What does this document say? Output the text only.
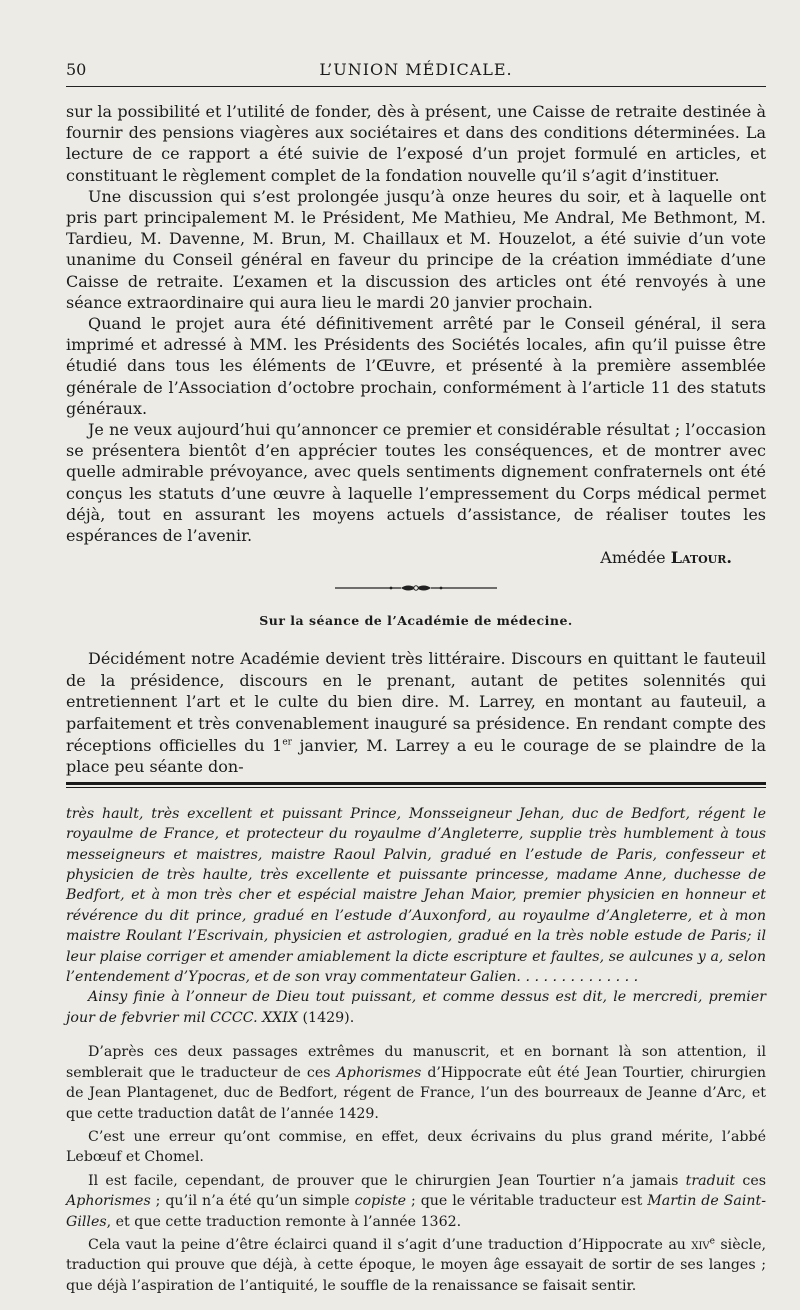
50	L’UNION MÉDICALE.

sur la possibilité et l’utilité de fonder, dès à présent, une Caisse de retraite destinée à fournir des pensions viagères aux sociétaires et dans des conditions déterminées. La lecture de ce rapport a été suivie de l’exposé d’un projet formulé en articles, et constituant le règlement complet de la fondation nouvelle qu’il s’agit d’instituer.

Une discussion qui s’est prolongée jusqu’à onze heures du soir, et à laquelle ont pris part principalement M. le Président, Me Mathieu, Me Andral, Me Bethmont, M. Tardieu, M. Davenne, M. Brun, M. Chaillaux et M. Houzelot, a été suivie d’un vote unanime du Conseil général en faveur du principe de la création immédiate d’une Caisse de retraite. L’examen et la discussion des articles ont été renvoyés à une séance extraordinaire qui aura lieu le mardi 20 janvier prochain.

Quand le projet aura été définitivement arrêté par le Conseil général, il sera imprimé et adressé à MM. les Présidents des Sociétés locales, afin qu’il puisse être étudié dans tous les éléments de l’Œuvre, et présenté à la première assemblée générale de l’Association d’octobre prochain, conformément à l’article 11 des statuts généraux.

Je ne veux aujourd’hui qu’annoncer ce premier et considérable résultat ; l’occasion se présentera bientôt d’en apprécier toutes les conséquences, et de montrer avec quelle admirable prévoyance, avec quels sentiments dignement confraternels ont été conçus les statuts d’une œuvre à laquelle l’empressement du Corps médical permet déjà, tout en assurant les moyens actuels d’assistance, de réaliser toutes les espérances de l’avenir.

Amédée Latour.
Sur la séance de l’Académie de médecine.

Décidément notre Académie devient très littéraire. Discours en quittant le fauteuil de la présidence, discours en le prenant, autant de petites solennités qui entretiennent l’art et le culte du bien dire. M. Larrey, en montant au fauteuil, a parfaitement et très convenablement inauguré sa présidence. En rendant compte des réceptions officielles du 1er janvier, M. Larrey a eu le courage de se plaindre de la place peu séante don-

très hault, très excellent et puissant Prince, Monsseigneur Jehan, duc de Bedfort, régent le royaulme de France, et protecteur du royaulme d’Angleterre, supplie très humblement à tous messeigneurs et maistres, maistre Raoul Palvin, gradué en l’estude de Paris, confesseur et physicien de très haulte, très excellente et puissante princesse, madame Anne, duchesse de Bedfort, et à mon très cher et espécial maistre Jehan Maior, premier physicien en honneur et révérence du dit prince, gradué en l’estude d’Auxonford, au royaulme d’Angleterre, et à mon maistre Roulant l’Escrivain, physicien et astrologien, gradué en la très noble estude de Paris; il leur plaise corriger et amender amiablement la dicte escripture et faultes, se aulcunes y a, selon l’entendement d’Ypocras, et de son vray commentateur Galien. . . . . . . . . . . . . .

Ainsy finie à l’onneur de Dieu tout puissant, et comme dessus est dit, le mercredi, premier jour de febvrier mil CCCC. XXIX (1429).

D’après ces deux passages extrêmes du manuscrit, et en bornant là son attention, il semblerait que le traducteur de ces Aphorismes d’Hippocrate eût été Jean Tourtier, chirurgien de Jean Plantagenet, duc de Bedfort, régent de France, l’un des bourreaux de Jeanne d’Arc, et que cette traduction datât de l’année 1429.

C’est une erreur qu’ont commise, en effet, deux écrivains du plus grand mérite, l’abbé Lebœuf et Chomel.

Il est facile, cependant, de prouver que le chirurgien Jean Tourtier n’a jamais traduit ces Aphorismes ; qu’il n’a été qu’un simple copiste ; que le véritable traducteur est Martin de Saint-Gilles, et que cette traduction remonte à l’année 1362.

Cela vaut la peine d’être éclairci quand il s’agit d’une traduction d’Hippocrate au xiv$^e$ siècle, traduction qui prouve que déjà, à cette époque, le moyen âge essayait de sortir de ses langes ; que déjà l’aspiration de l’antiquité, le souffle de la renaissance se faisait sentir.
